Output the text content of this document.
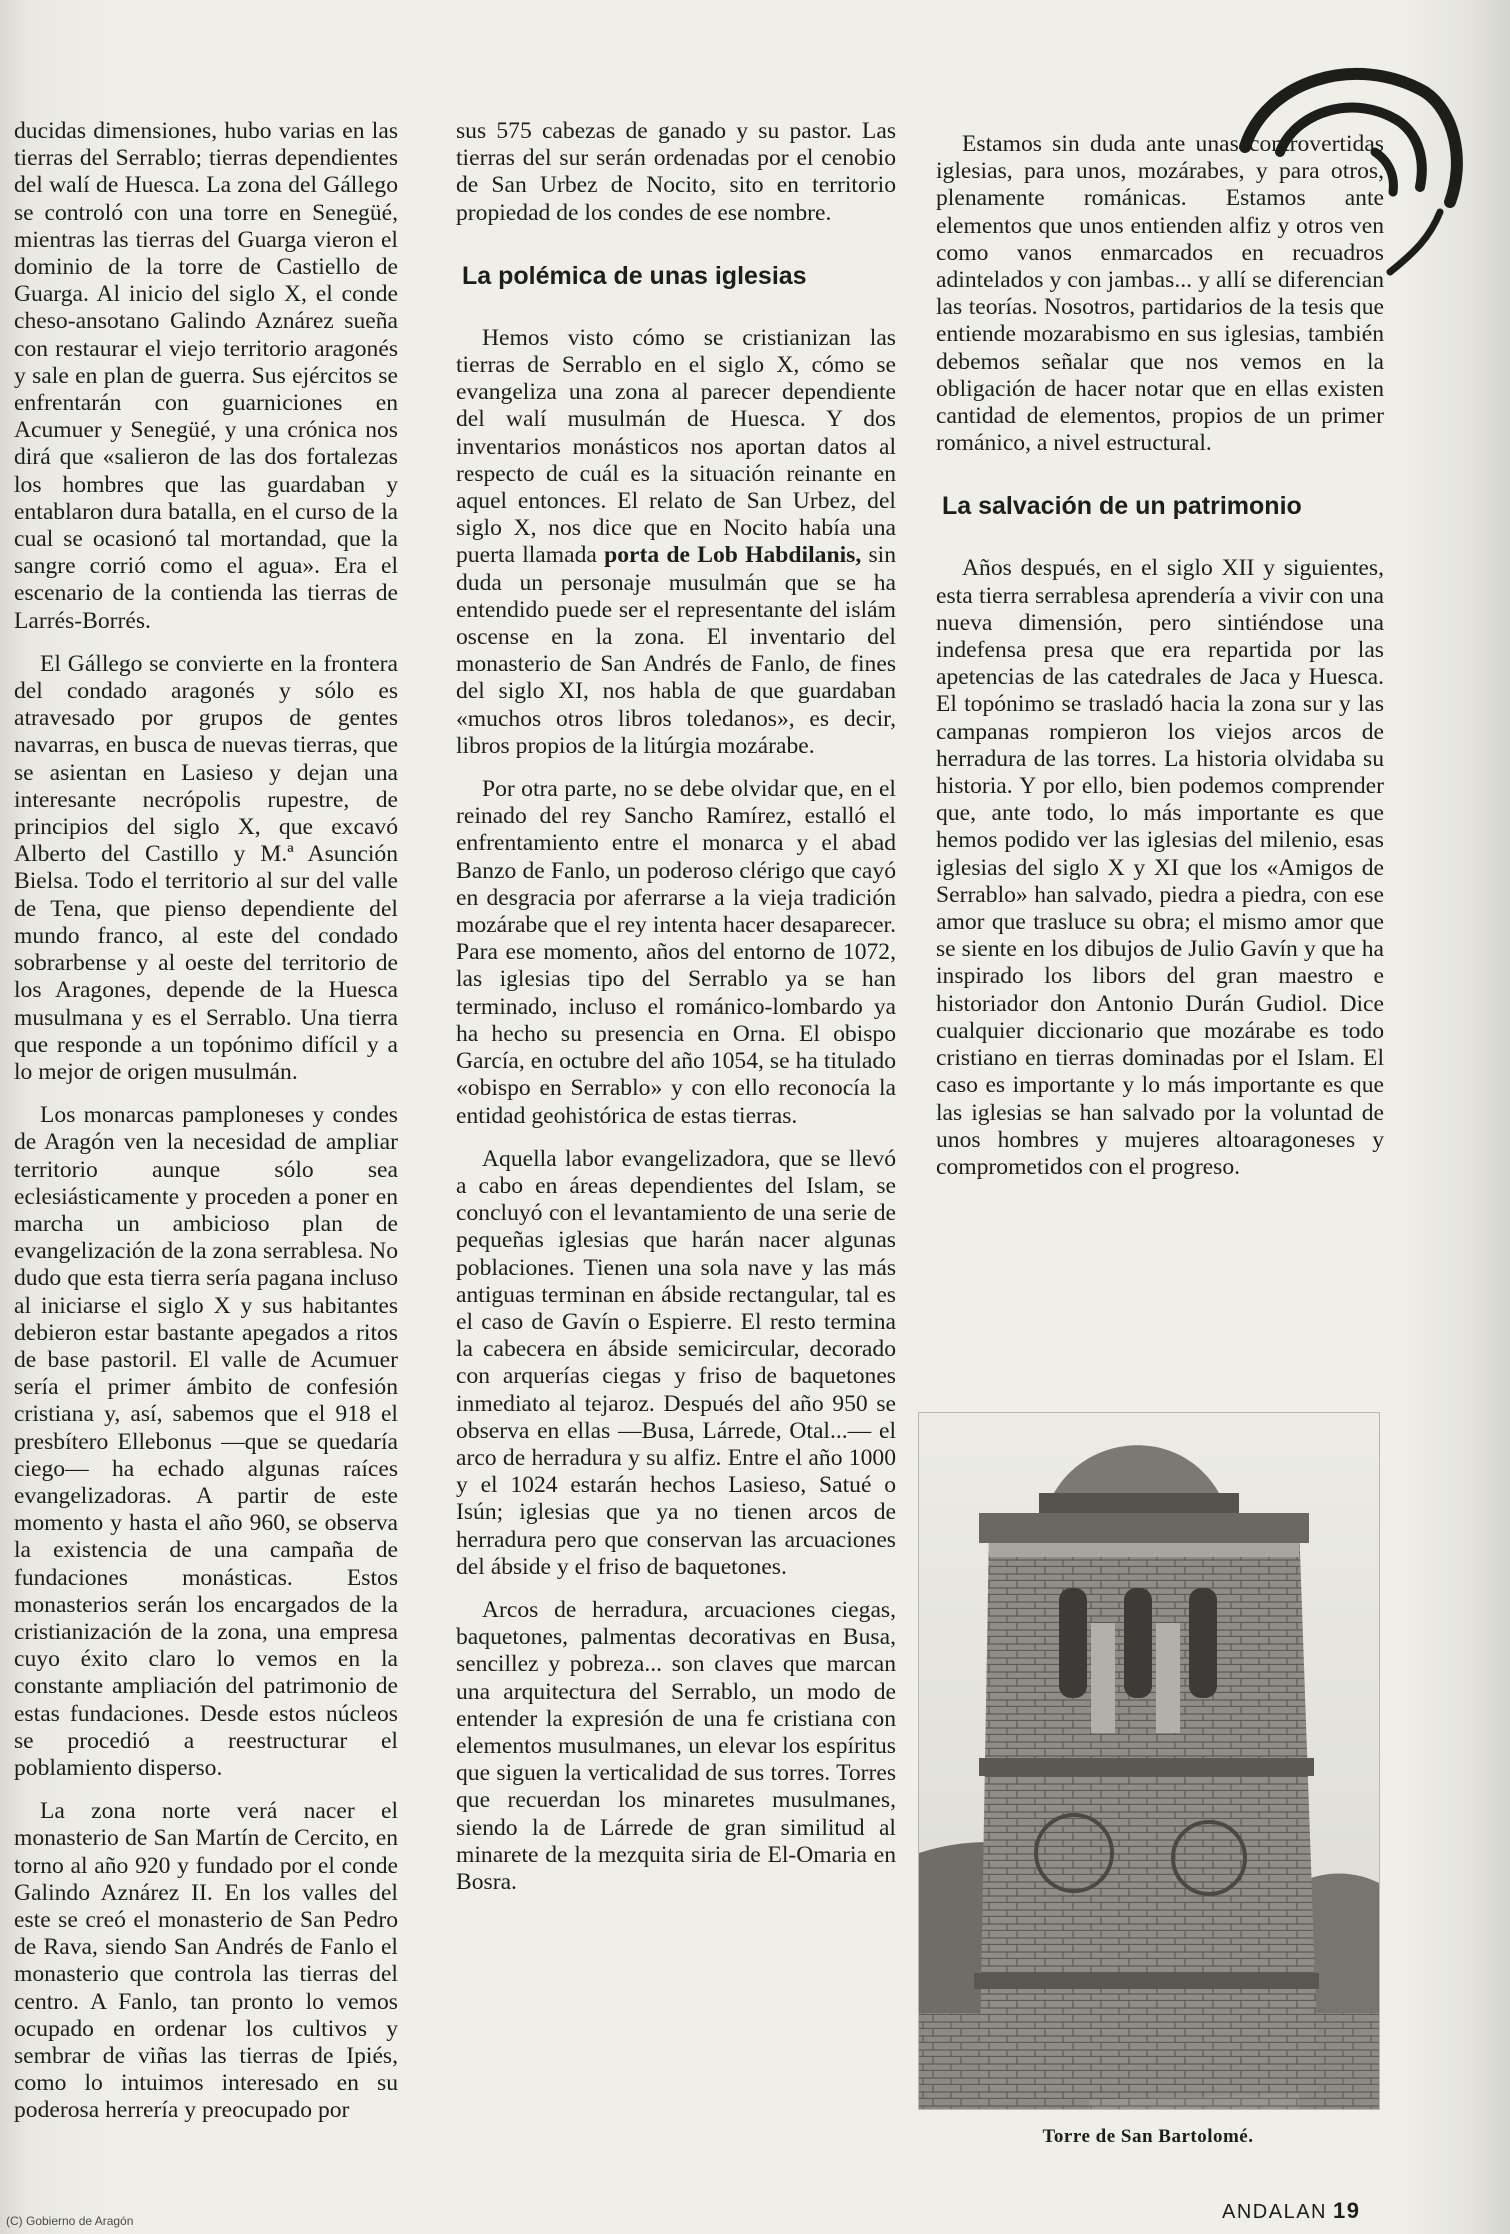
ducidas dimensiones, hubo varias en las tierras del Serrablo; tierras dependientes del walí de Huesca. La zona del Gállego se controló con una torre en Senegüé, mientras las tierras del Guarga vieron el dominio de la torre de Castiello de Guarga. Al inicio del siglo X, el conde cheso-ansotano Galindo Aznárez sueña con restaurar el viejo territorio aragonés y sale en plan de guerra. Sus ejércitos se enfrentarán con guarniciones en Acumuer y Senegüé, y una crónica nos dirá que «salieron de las dos fortalezas los hombres que las guardaban y entablaron dura batalla, en el curso de la cual se ocasionó tal mortandad, que la sangre corrió como el agua». Era el escenario de la contienda las tierras de Larrés-Borrés.

El Gállego se convierte en la frontera del condado aragonés y sólo es atravesado por grupos de gentes navarras, en busca de nuevas tierras, que se asientan en Lasieso y dejan una interesante necrópolis rupestre, de principios del siglo X, que excavó Alberto del Castillo y M.ª Asunción Bielsa. Todo el territorio al sur del valle de Tena, que pienso dependiente del mundo franco, al este del condado sobrarbense y al oeste del territorio de los Aragones, depende de la Huesca musulmana y es el Serrablo. Una tierra que responde a un topónimo difícil y a lo mejor de origen musulmán.

Los monarcas pamploneses y condes de Aragón ven la necesidad de ampliar territorio aunque sólo sea eclesiásticamente y proceden a poner en marcha un ambicioso plan de evangelización de la zona serrablesa. No dudo que esta tierra sería pagana incluso al iniciarse el siglo X y sus habitantes debieron estar bastante apegados a ritos de base pastoril. El valle de Acumuer sería el primer ámbito de confesión cristiana y, así, sabemos que el 918 el presbítero Ellebonus —que se quedaría ciego— ha echado algunas raíces evangelizadoras. A partir de este momento y hasta el año 960, se observa la existencia de una campaña de fundaciones monásticas. Estos monasterios serán los encargados de la cristianización de la zona, una empresa cuyo éxito claro lo vemos en la constante ampliación del patrimonio de estas fundaciones. Desde estos núcleos se procedió a reestructurar el poblamiento disperso.

La zona norte verá nacer el monasterio de San Martín de Cercito, en torno al año 920 y fundado por el conde Galindo Aznárez II. En los valles del este se creó el monasterio de San Pedro de Rava, siendo San Andrés de Fanlo el monasterio que controla las tierras del centro. A Fanlo, tan pronto lo vemos ocupado en ordenar los cultivos y sembrar de viñas las tierras de Ipiés, como lo intuimos interesado en su poderosa herrería y preocupado por

sus 575 cabezas de ganado y su pastor. Las tierras del sur serán ordenadas por el cenobio de San Urbez de Nocito, sito en territorio propiedad de los condes de ese nombre.

La polémica de unas iglesias

Hemos visto cómo se cristianizan las tierras de Serrablo en el siglo X, cómo se evangeliza una zona al parecer dependiente del walí musulmán de Huesca. Y dos inventarios monásticos nos aportan datos al respecto de cuál es la situación reinante en aquel entonces. El relato de San Urbez, del siglo X, nos dice que en Nocito había una puerta llamada porta de Lob Habdilanis, sin duda un personaje musulmán que se ha entendido puede ser el representante del islám oscense en la zona. El inventario del monasterio de San Andrés de Fanlo, de fines del siglo XI, nos habla de que guardaban «muchos otros libros toledanos», es decir, libros propios de la litúrgia mozárabe.

Por otra parte, no se debe olvidar que, en el reinado del rey Sancho Ramírez, estalló el enfrentamiento entre el monarca y el abad Banzo de Fanlo, un poderoso clérigo que cayó en desgracia por aferrarse a la vieja tradición mozárabe que el rey intenta hacer desaparecer. Para ese momento, años del entorno de 1072, las iglesias tipo del Serrablo ya se han terminado, incluso el románico-lombardo ya ha hecho su presencia en Orna. El obispo García, en octubre del año 1054, se ha titulado «obispo en Serrablo» y con ello reconocía la entidad geohistórica de estas tierras.

Aquella labor evangelizadora, que se llevó a cabo en áreas dependientes del Islam, se concluyó con el levantamiento de una serie de pequeñas iglesias que harán nacer algunas poblaciones. Tienen una sola nave y las más antiguas terminan en ábside rectangular, tal es el caso de Gavín o Espierre. El resto termina la cabecera en ábside semicircular, decorado con arquerías ciegas y friso de baquetones inmediato al tejaroz. Después del año 950 se observa en ellas —Busa, Lárrede, Otal...— el arco de herradura y su alfiz. Entre el año 1000 y el 1024 estarán hechos Lasieso, Satué o Isún; iglesias que ya no tienen arcos de herradura pero que conservan las arcuaciones del ábside y el friso de baquetones.

Arcos de herradura, arcuaciones ciegas, baquetones, palmentas decorativas en Busa, sencillez y pobreza... son claves que marcan una arquitectura del Serrablo, un modo de entender la expresión de una fe cristiana con elementos musulmanes, un elevar los espíritus que siguen la verticalidad de sus torres. Torres que recuerdan los minaretes musulmanes, siendo la de Lárrede de gran similitud al minarete de la mezquita siria de El-Omaria en Bosra.

Estamos sin duda ante unas controvertidas iglesias, para unos, mozárabes, y para otros, plenamente románicas. Estamos ante elementos que unos entienden alfiz y otros ven como vanos enmarcados en recuadros adintelados y con jambas... y allí se diferencian las teorías. Nosotros, partidarios de la tesis que entiende mozarabismo en sus iglesias, también debemos señalar que nos vemos en la obligación de hacer notar que en ellas existen cantidad de elementos, propios de un primer románico, a nivel estructural.

La salvación de un patrimonio

Años después, en el siglo XII y siguientes, esta tierra serrablesa aprendería a vivir con una nueva dimensión, pero sintiéndose una indefensa presa que era repartida por las apetencias de las catedrales de Jaca y Huesca. El topónimo se trasladó hacia la zona sur y las campanas rompieron los viejos arcos de herradura de las torres. La historia olvidaba su historia. Y por ello, bien podemos comprender que, ante todo, lo más importante es que hemos podido ver las iglesias del milenio, esas iglesias del siglo X y XI que los «Amigos de Serrablo» han salvado, piedra a piedra, con ese amor que trasluce su obra; el mismo amor que se siente en los dibujos de Julio Gavín y que ha inspirado los libors del gran maestro e historiador don Antonio Durán Gudiol. Dice cualquier diccionario que mozárabe es todo cristiano en tierras dominadas por el Islam. El caso es importante y lo más importante es que las iglesias se han salvado por la voluntad de unos hombres y mujeres altoaragoneses y comprometidos con el progreso.

Torre de San Bartolomé.
ANDALAN 19
(C) Gobierno de Aragón
